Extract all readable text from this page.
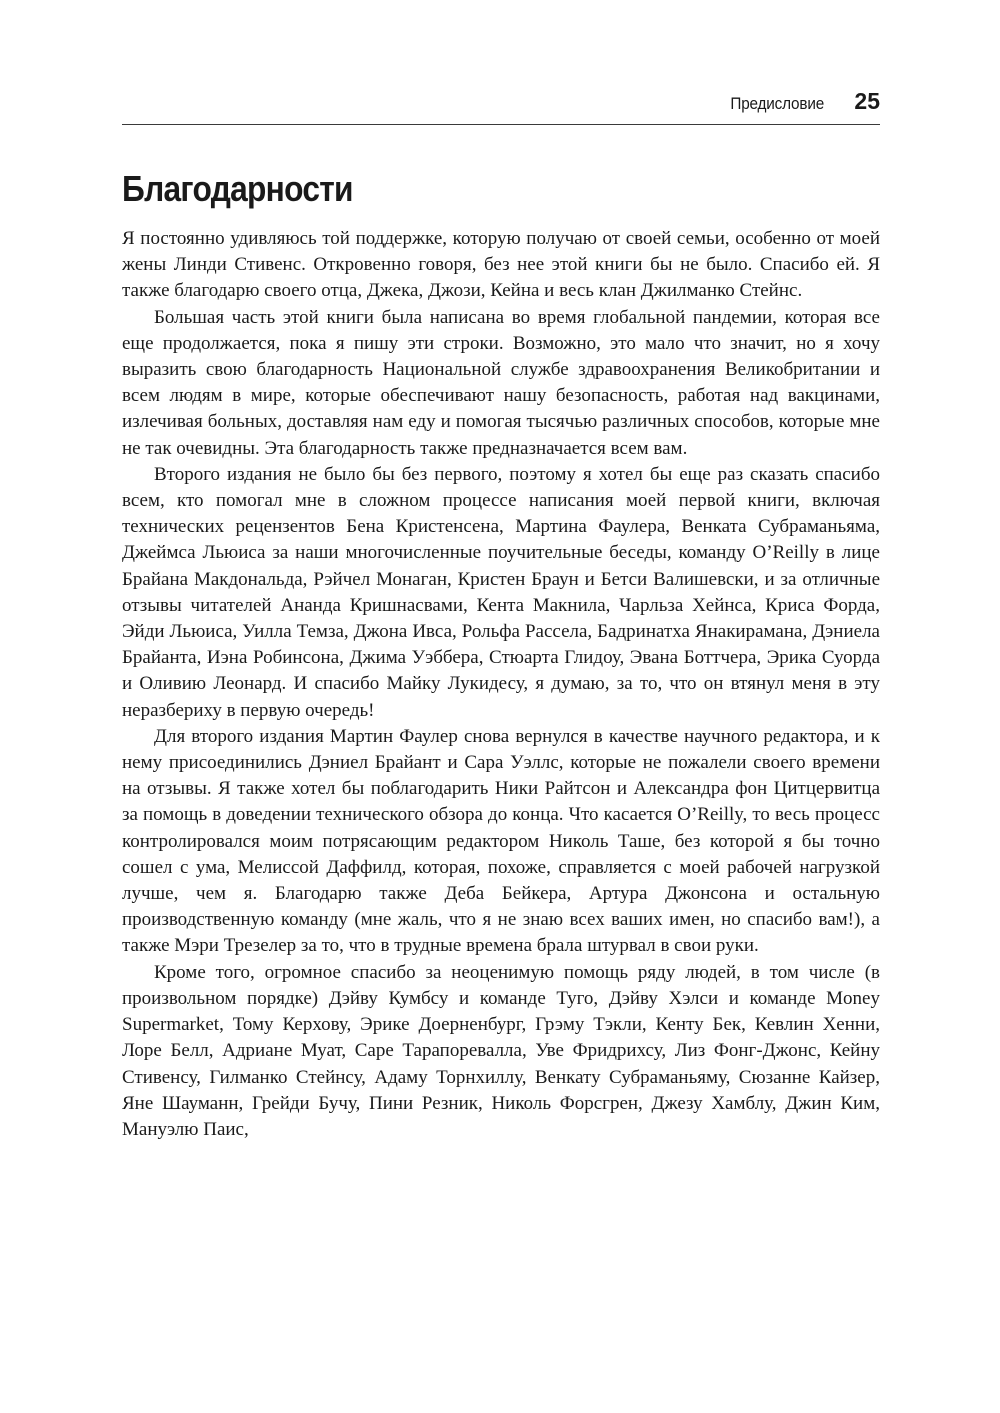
Предисловие 25
Благодарности

Я постоянно удивляюсь той поддержке, которую получаю от своей семьи, особенно от моей жены Линди Стивенс. Откровенно говоря, без нее этой книги бы не было. Спасибо ей. Я также благодарю своего отца, Джека, Джози, Кейна и весь клан Джилманко Стейнс.

Большая часть этой книги была написана во время глобальной пандемии, которая все еще продолжается, пока я пишу эти строки. Возможно, это мало что значит, но я хочу выразить свою благодарность Национальной службе здравоохранения Великобритании и всем людям в мире, которые обеспечивают нашу безопасность, работая над вакцинами, излечивая больных, доставляя нам еду и помогая тысячью различных способов, которые мне не так очевидны. Эта благодарность также предназначается всем вам.

Второго издания не было бы без первого, поэтому я хотел бы еще раз сказать спасибо всем, кто помогал мне в сложном процессе написания моей первой книги, включая технических рецензентов Бена Кристенсена, Мартина Фаулера, Венката Субраманьяма, Джеймса Льюиса за наши многочисленные поучительные беседы, команду O’Reilly в лице Брайана Макдональда, Рэйчел Монаган, Кристен Браун и Бетси Валишевски, и за отличные отзывы читателей Ананда Кришнасвами, Кента Макнила, Чарльза Хейнса, Криса Форда, Эйди Льюиса, Уилла Темза, Джона Ивса, Рольфа Рассела, Бадринатха Янакирамана, Дэниела Брайанта, Иэна Робинсона, Джима Уэббера, Стюарта Глидоу, Эвана Боттчера, Эрика Суорда и Оливию Леонард. И спасибо Майку Лукидесу, я думаю, за то, что он втянул меня в эту неразбериху в первую очередь!

Для второго издания Мартин Фаулер снова вернулся в качестве научного редактора, и к нему присоединились Дэниел Брайант и Сара Уэллс, которые не пожалели своего времени на отзывы. Я также хотел бы поблагодарить Ники Райтсон и Александра фон Цитцервитца за помощь в доведении технического обзора до конца. Что касается O’Reilly, то весь процесс контролировался моим потрясающим редактором Николь Таше, без которой я бы точно сошел с ума, Мелиссой Даффилд, которая, похоже, справляется с моей рабочей нагрузкой лучше, чем я. Благодарю также Деба Бейкера, Артура Джонсона и остальную производственную команду (мне жаль, что я не знаю всех ваших имен, но спасибо вам!), а также Мэри Трезелер за то, что в трудные времена брала штурвал в свои руки.

Кроме того, огромное спасибо за неоценимую помощь ряду людей, в том числе (в произвольном порядке) Дэйву Кумбсу и команде Туго, Дэйву Хэлси и команде Money Supermarket, Тому Керхову, Эрике Доерненбург, Грэму Тэкли, Кенту Бек, Кевлин Хенни, Лоре Белл, Адриане Муат, Саре Тарапоревалла, Уве Фридрихсу, Лиз Фонг-Джонс, Кейну Стивенсу, Гилманко Стейнсу, Адаму Торнхиллу, Венкату Субраманьяму, Сюзанне Кайзер, Яне Шауманн, Грейди Бучу, Пини Резник, Николь Форсгрен, Джезу Хамблу, Джин Ким, Мануэлю Паис,
